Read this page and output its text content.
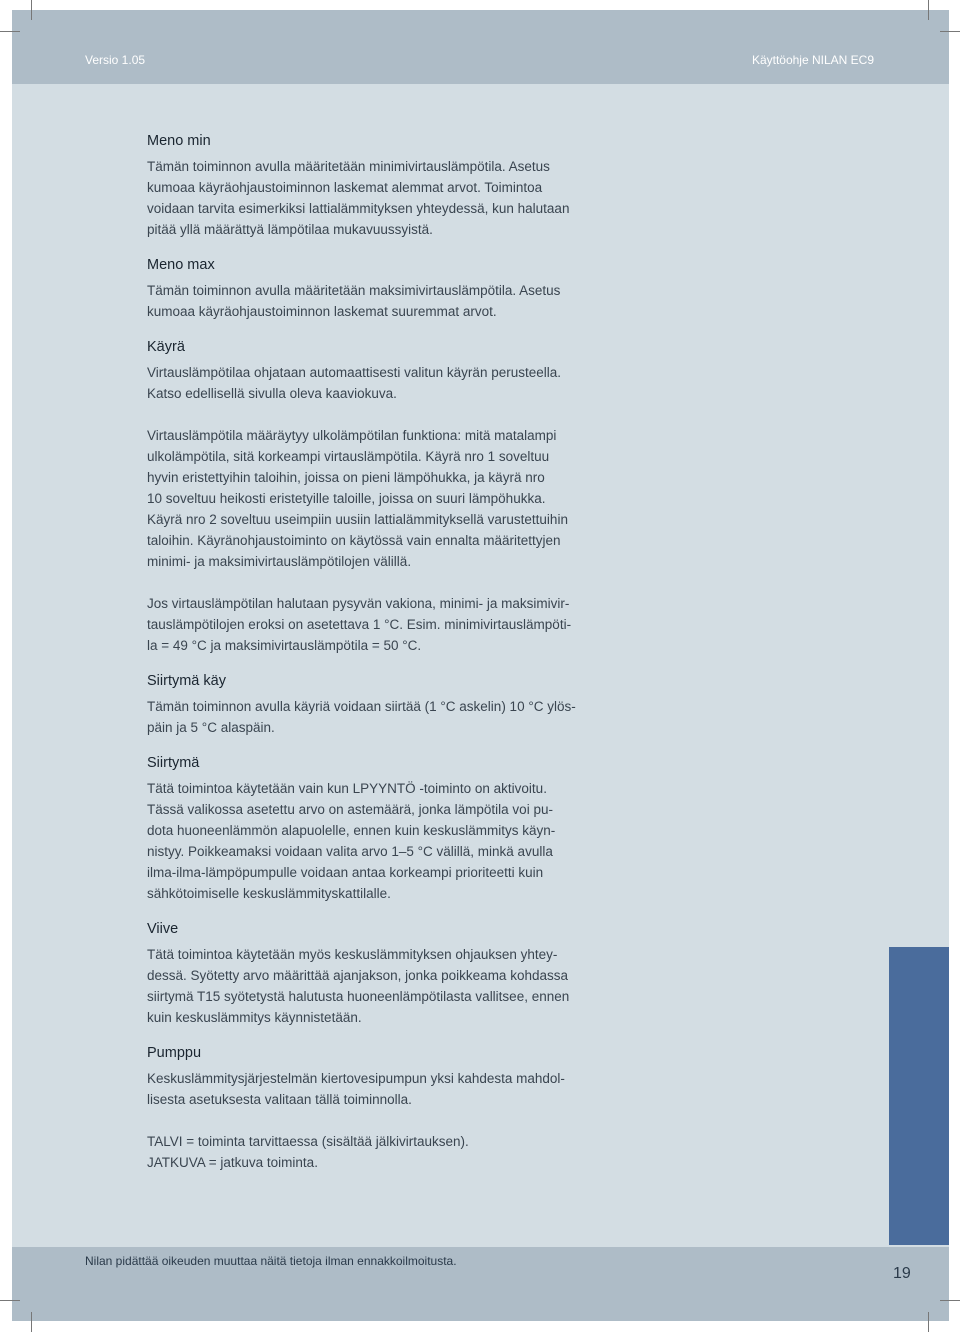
Versio 1.05	Käyttöohje NILAN EC9
Meno min

Tämän toiminnon avulla määritetään minimivirtauslämpötila. Asetus
kumoaa käyräohjaustoiminnon laskemat alemmat arvot. Toimintoa
voidaan tarvita esimerkiksi lattialämmityksen yhteydessä, kun halutaan
pitää yllä määrättyä lämpötilaa mukavuussyistä.

Meno max

Tämän toiminnon avulla määritetään maksimivirtauslämpötila. Asetus
kumoaa käyräohjaustoiminnon laskemat suuremmat arvot.

Käyrä

Virtauslämpötilaa ohjataan automaattisesti valitun käyrän perusteella.
Katso edellisellä sivulla oleva kaaviokuva.

Virtauslämpötila määräytyy ulkolämpötilan funktiona: mitä matalampi
ulkolämpötila, sitä korkeampi virtauslämpötila. Käyrä nro 1 soveltuu
hyvin eristettyihin taloihin, joissa on pieni lämpöhukka, ja käyrä nro
10 soveltuu heikosti eristetyille taloille, joissa on suuri lämpöhukka.
Käyrä nro 2 soveltuu useimpiin uusiin lattialämmityksellä varustettuihin
taloihin. Käyränohjaustoiminto on käytössä vain ennalta määritettyjen
minimi- ja maksimivirtauslämpötilojen välillä.

Jos virtauslämpötilan halutaan pysyvän vakiona, minimi- ja maksimivir-
tauslämpötilojen eroksi on asetettava 1 °C. Esim. minimivirtauslämpöti-
la = 49 °C ja maksimivirtauslämpötila = 50 °C.

Siirtymä käy

Tämän toiminnon avulla käyriä voidaan siirtää (1 °C askelin) 10 °C ylös-
päin ja 5 °C alaspäin.

Siirtymä

Tätä toimintoa käytetään vain kun LPYYNTÖ -toiminto on aktivoitu.
Tässä valikossa asetettu arvo on astemäärä, jonka lämpötila voi pu-
dota huoneenlämmön alapuolelle, ennen kuin keskuslämmitys käyn-
nistyy. Poikkeamaksi voidaan valita arvo 1–5 °C välillä, minkä avulla
ilma-ilma-lämpöpumpulle voidaan antaa korkeampi prioriteetti kuin
sähkötoimiselle keskuslämmityskattilalle.

Viive

Tätä toimintoa käytetään myös keskuslämmityksen ohjauksen yhtey-
dessä. Syötetty arvo määrittää ajanjakson, jonka poikkeama kohdassa
siirtymä T15 syötetystä halutusta huoneenlämpötilasta vallitsee, ennen
kuin keskuslämmitys käynnistetään.

Pumppu

Keskuslämmitysjärjestelmän kiertovesipumpun yksi kahdesta mahdol-
lisesta asetuksesta valitaan tällä toiminnolla.

TALVI = toiminta tarvittaessa (sisältää jälkivirtauksen).
JATKUVA = jatkuva toiminta.

Nilan pidättää oikeuden muuttaa näitä tietoja ilman ennakkoilmoitusta.
19
